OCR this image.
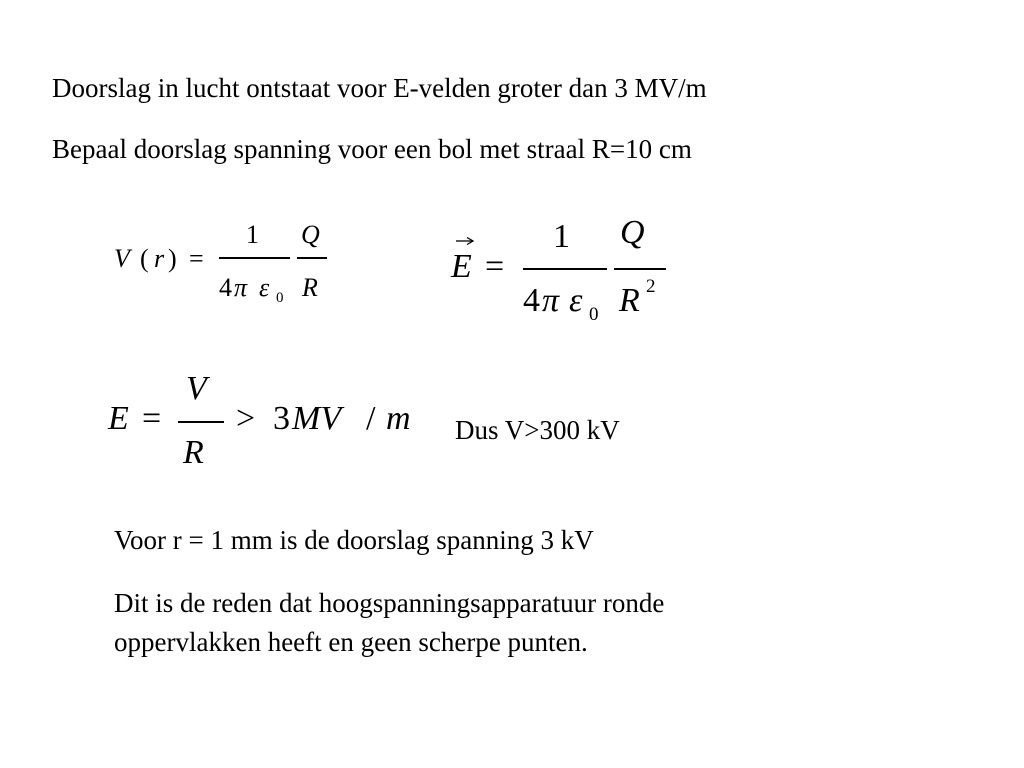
Doorslag in lucht ontstaat voor E-velden groter dan 3 MV/m
Bepaal doorslag spanning voor een bol met straal R=10 cm
V ( r ) =
1
4 π ε 0
Q
R
E =
1
4 π ε 0
Q
R 2
E =
V
R
> 3 MV / m Dus V>300 kV
Voor r = 1 mm is de doorslag spanning 3 kV
Dit is de reden dat hoogspanningsapparatuur ronde
oppervlakken heeft en geen scherpe punten.
